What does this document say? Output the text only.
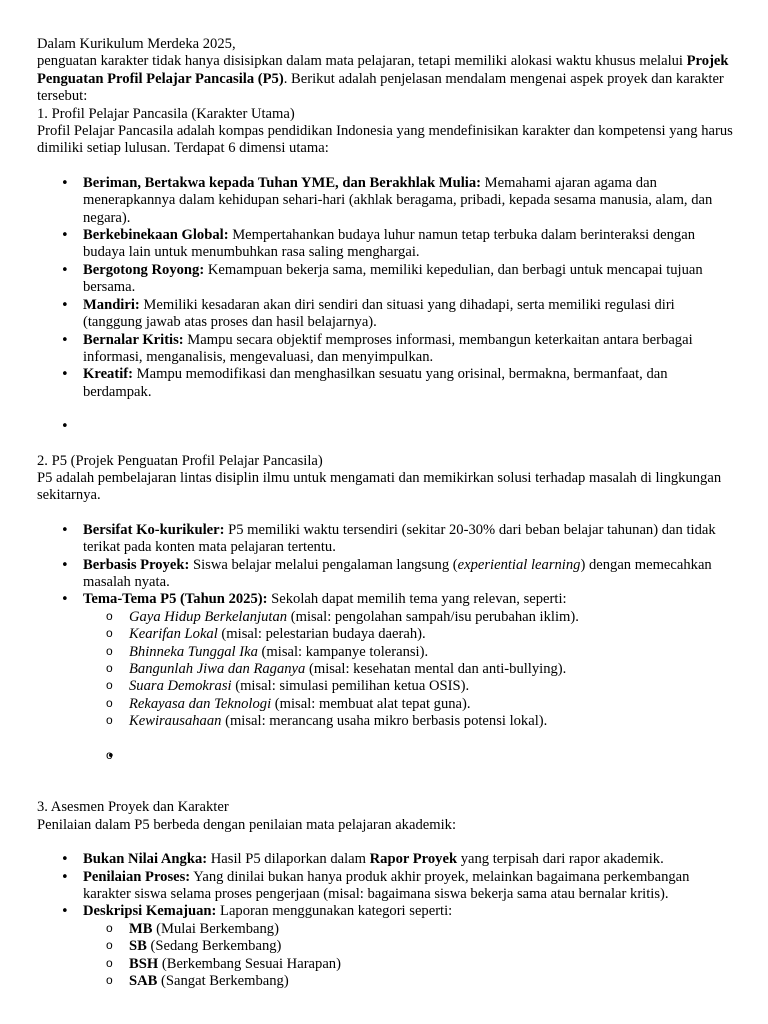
Dalam Kurikulum Merdeka 2025,

penguatan karakter tidak hanya disisipkan dalam mata pelajaran, tetapi memiliki alokasi waktu khusus melalui Projek Penguatan Profil Pelajar Pancasila (P5). Berikut adalah penjelasan mendalam mengenai aspek proyek dan karakter tersebut:

1. Profil Pelajar Pancasila (Karakter Utama)

Profil Pelajar Pancasila adalah kompas pendidikan Indonesia yang mendefinisikan karakter dan kompetensi yang harus dimiliki setiap lulusan. Terdapat 6 dimensi utama:

• Beriman, Bertakwa kepada Tuhan YME, dan Berakhlak Mulia: Memahami ajaran agama dan menerapkannya dalam kehidupan sehari-hari (akhlak beragama, pribadi, kepada sesama manusia, alam, dan negara).
• Berkebinekaan Global: Mempertahankan budaya luhur namun tetap terbuka dalam berinteraksi dengan budaya lain untuk menumbuhkan rasa saling menghargai.
• Bergotong Royong: Kemampuan bekerja sama, memiliki kepedulian, dan berbagi untuk mencapai tujuan bersama.
• Mandiri: Memiliki kesadaran akan diri sendiri dan situasi yang dihadapi, serta memiliki regulasi diri (tanggung jawab atas proses dan hasil belajarnya).
• Bernalar Kritis: Mampu secara objektif memproses informasi, membangun keterkaitan antara berbagai informasi, menganalisis, mengevaluasi, dan menyimpulkan.
• Kreatif: Mampu memodifikasi dan menghasilkan sesuatu yang orisinal, bermakna, bermanfaat, dan berdampak.
•

2. P5 (Projek Penguatan Profil Pelajar Pancasila)

P5 adalah pembelajaran lintas disiplin ilmu untuk mengamati dan memikirkan solusi terhadap masalah di lingkungan sekitarnya.

• Bersifat Ko-kurikuler: P5 memiliki waktu tersendiri (sekitar 20-30% dari beban belajar tahunan) dan tidak terikat pada konten mata pelajaran tertentu.
• Berbasis Proyek: Siswa belajar melalui pengalaman langsung (experiential learning) dengan memecahkan masalah nyata.
• Tema-Tema P5 (Tahun 2025): Sekolah dapat memilih tema yang relevan, seperti:
o Gaya Hidup Berkelanjutan (misal: pengolahan sampah/isu perubahan iklim).
o Kearifan Lokal (misal: pelestarian budaya daerah).
o Bhinneka Tunggal Ika (misal: kampanye toleransi).
o Bangunlah Jiwa dan Raganya (misal: kesehatan mental dan anti-bullying).
o Suara Demokrasi (misal: simulasi pemilihan ketua OSIS).
o Rekayasa dan Teknologi (misal: membuat alat tepat guna).
o Kewirausahaan (misal: merancang usaha mikro berbasis potensi lokal).
•
o

3. Asesmen Proyek dan Karakter

Penilaian dalam P5 berbeda dengan penilaian mata pelajaran akademik:

• Bukan Nilai Angka: Hasil P5 dilaporkan dalam Rapor Proyek yang terpisah dari rapor akademik.
• Penilaian Proses: Yang dinilai bukan hanya produk akhir proyek, melainkan bagaimana perkembangan karakter siswa selama proses pengerjaan (misal: bagaimana siswa bekerja sama atau bernalar kritis).
• Deskripsi Kemajuan: Laporan menggunakan kategori seperti:
o MB (Mulai Berkembang)
o SB (Sedang Berkembang)
o BSH (Berkembang Sesuai Harapan)
o SAB (Sangat Berkembang)
